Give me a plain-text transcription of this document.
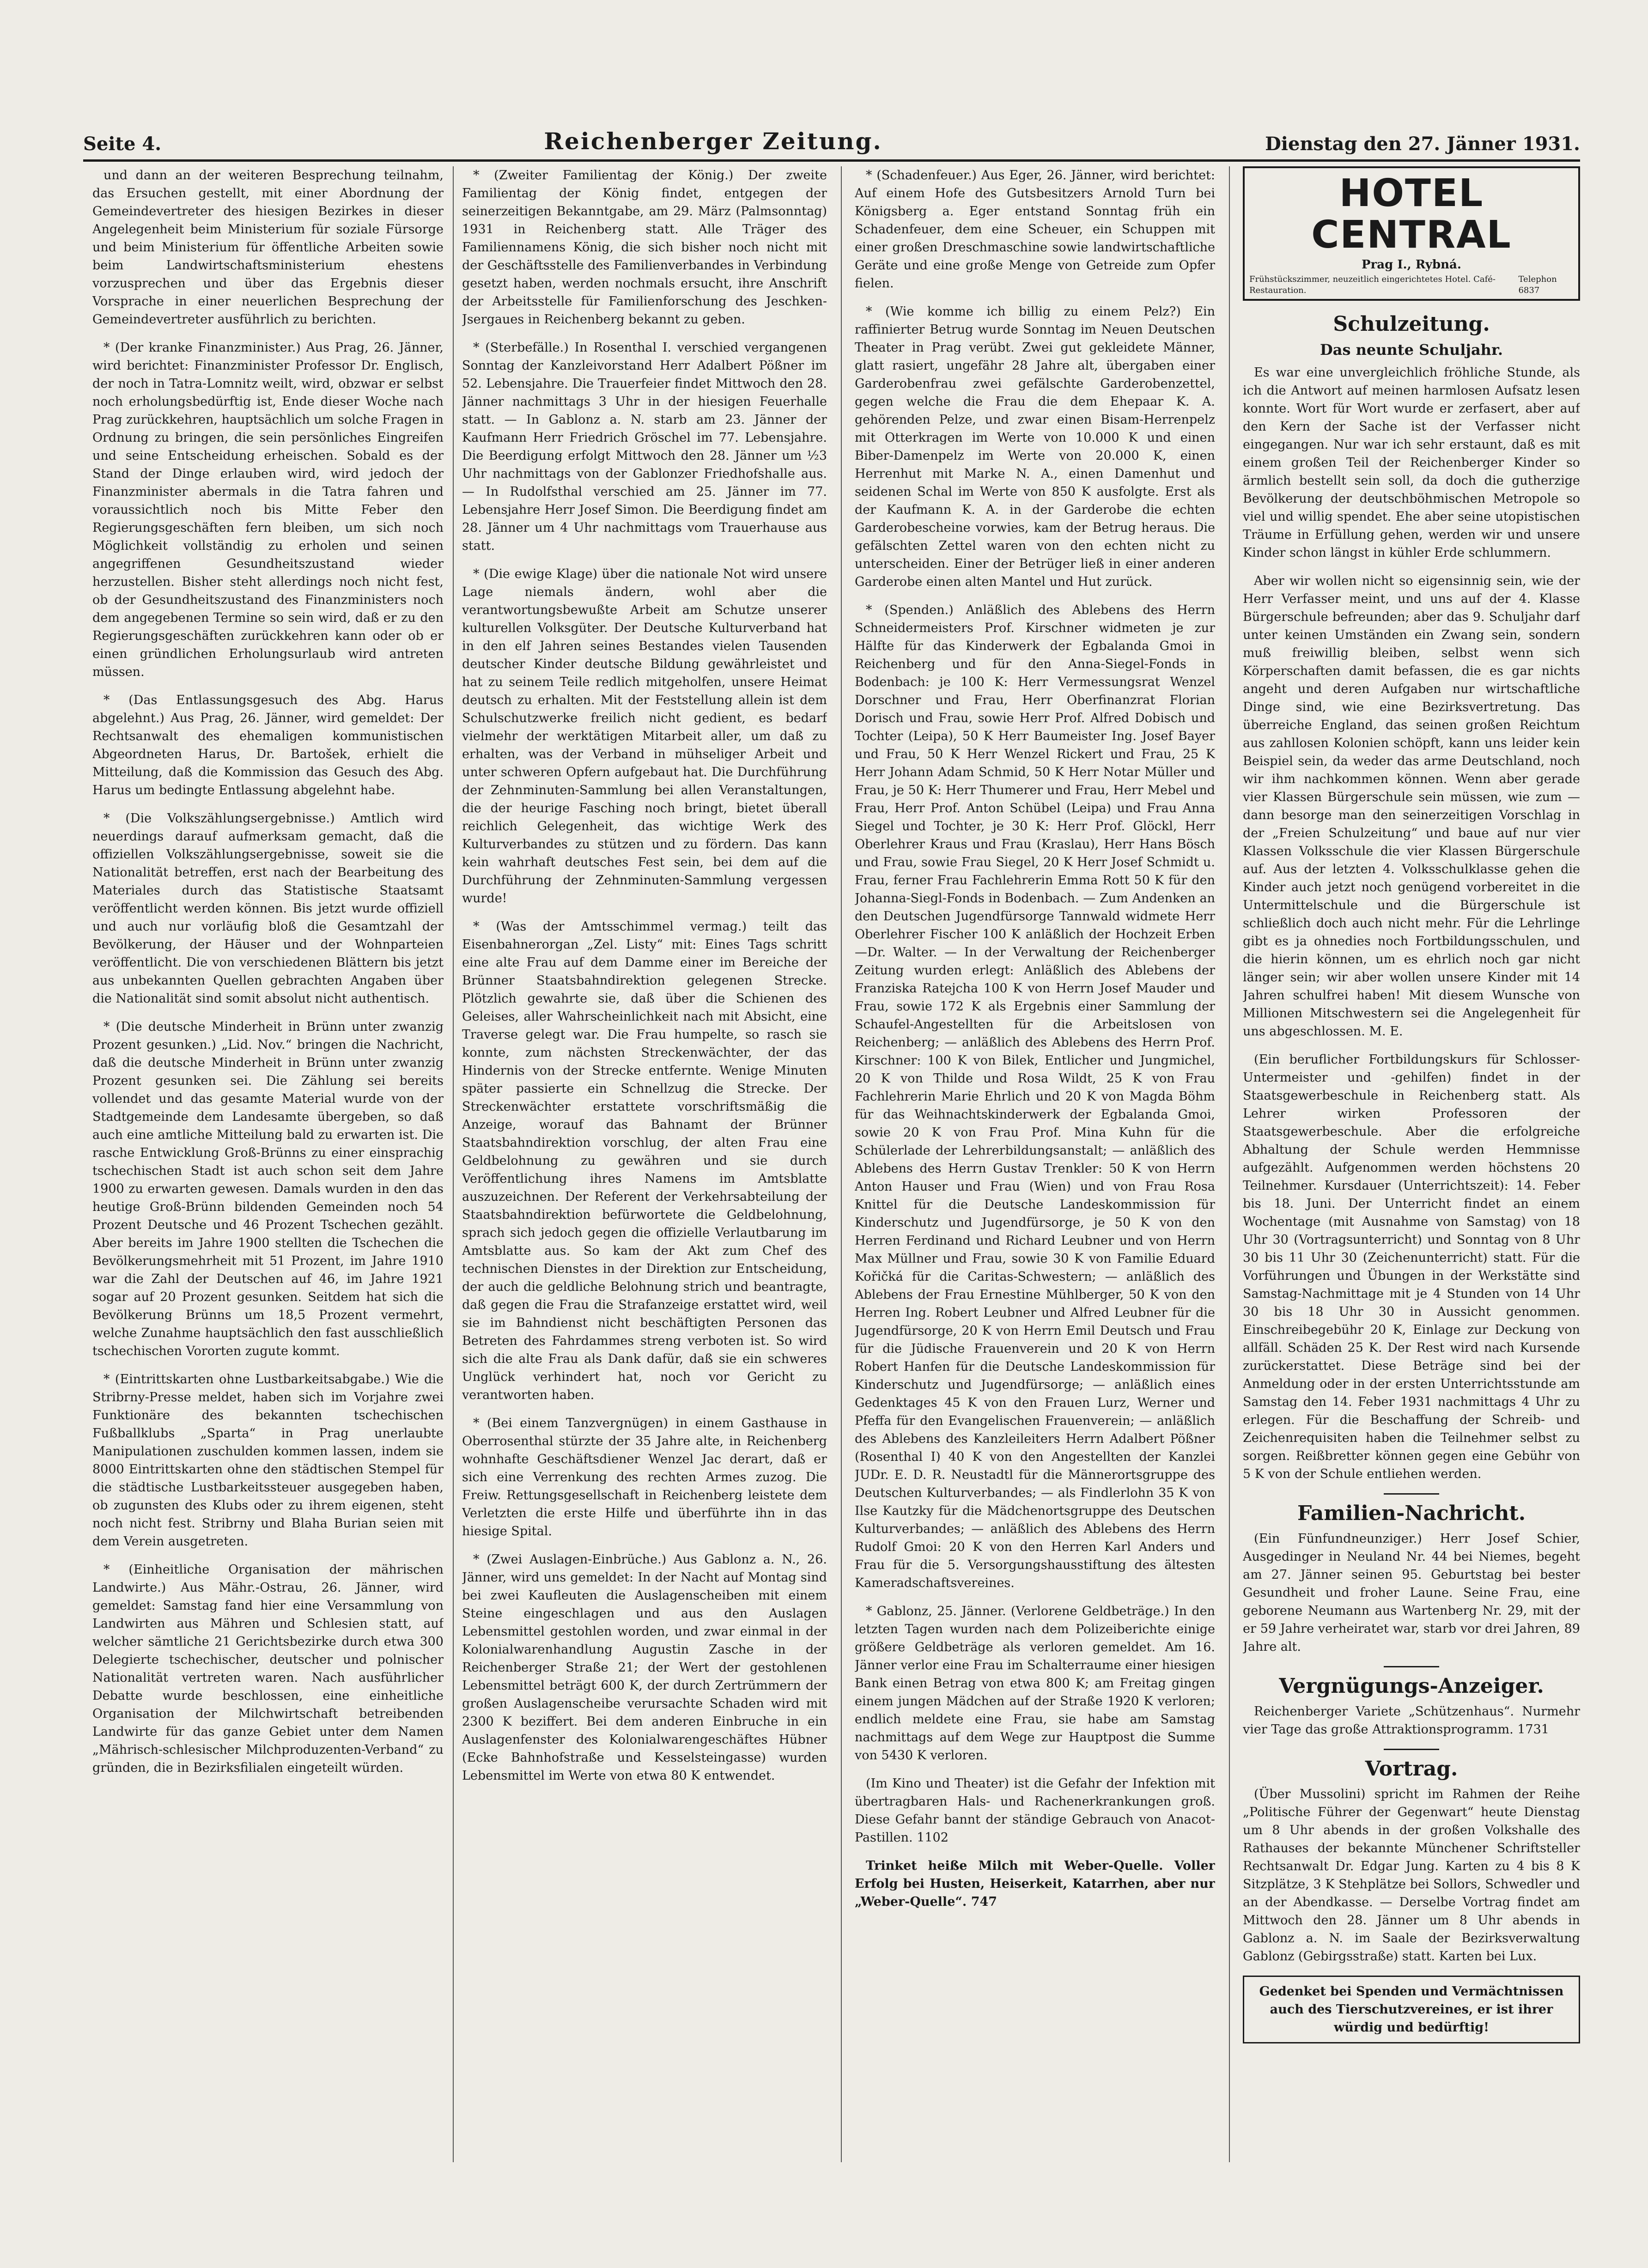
Seite 4.	Reichenberger Zeitung.	Dienstag den 27. Jänner 1931.

und dann an der weiteren Besprechung teilnahm, das Ersuchen gestellt, mit einer Abordnung der Gemeindevertreter des hiesigen Bezirkes in dieser Angelegenheit beim Ministerium für soziale Fürsorge und beim Ministerium für öffentliche Arbeiten sowie beim Landwirtschaftsministerium ehestens vorzusprechen und über das Ergebnis dieser Vorsprache in einer neuerlichen Besprechung der Gemeindevertreter ausführlich zu berichten.

* (Der kranke Finanzminister.) Aus Prag, 26. Jänner, wird berichtet: Finanzminister Professor Dr. Englisch, der noch in Tatra-Lomnitz weilt, wird, obzwar er selbst noch erholungsbedürftig ist, Ende dieser Woche nach Prag zurückkehren, hauptsächlich um solche Fragen in Ordnung zu bringen, die sein persönliches Eingreifen und seine Entscheidung erheischen. Sobald es der Stand der Dinge erlauben wird, wird jedoch der Finanzminister abermals in die Tatra fahren und voraussichtlich noch bis Mitte Feber den Regierungsgeschäften fern bleiben, um sich noch Möglichkeit vollständig zu erholen und seinen angegriffenen Gesundheitszustand wieder herzustellen. Bisher steht allerdings noch nicht fest, ob der Gesundheitszustand des Finanzministers noch dem angegebenen Termine so sein wird, daß er zu den Regierungsgeschäften zurückkehren kann oder ob er einen gründlichen Erholungsurlaub wird antreten müssen.

* (Das Entlassungsgesuch des Abg. Harus abgelehnt.) Aus Prag, 26. Jänner, wird gemeldet: Der Rechtsanwalt des ehemaligen kommunistischen Abgeordneten Harus, Dr. Bartošek, erhielt die Mitteilung, daß die Kommission das Gesuch des Abg. Harus um bedingte Entlassung abgelehnt habe.

* (Die Volkszählungsergebnisse.) Amtlich wird neuerdings darauf aufmerksam gemacht, daß die offiziellen Volkszählungsergebnisse, soweit sie die Nationalität betreffen, erst nach der Bearbeitung des Materiales durch das Statistische Staatsamt veröffentlicht werden können. Bis jetzt wurde offiziell und auch nur vorläufig bloß die Gesamtzahl der Bevölkerung, der Häuser und der Wohnparteien veröffentlicht. Die von verschiedenen Blättern bis jetzt aus unbekannten Quellen gebrachten Angaben über die Nationalität sind somit absolut nicht authentisch.

* (Die deutsche Minderheit in Brünn unter zwanzig Prozent gesunken.) „Lid. Nov.“ bringen die Nachricht, daß die deutsche Minderheit in Brünn unter zwanzig Prozent gesunken sei. Die Zählung sei bereits vollendet und das gesamte Material wurde von der Stadtgemeinde dem Landesamte übergeben, so daß auch eine amtliche Mitteilung bald zu erwarten ist. Die rasche Entwicklung Groß-Brünns zu einer einsprachig tschechischen Stadt ist auch schon seit dem Jahre 1900 zu erwarten gewesen. Damals wurden in den das heutige Groß-Brünn bildenden Gemeinden noch 54 Prozent Deutsche und 46 Prozent Tschechen gezählt. Aber bereits im Jahre 1900 stellten die Tschechen die Bevölkerungsmehrheit mit 51 Prozent, im Jahre 1910 war die Zahl der Deutschen auf 46, im Jahre 1921 sogar auf 20 Prozent gesunken. Seitdem hat sich die Bevölkerung Brünns um 18,5 Prozent vermehrt, welche Zunahme hauptsächlich den fast ausschließlich tschechischen Vororten zugute kommt.

* (Eintrittskarten ohne Lustbarkeitsabgabe.) Wie die Stribrny-Presse meldet, haben sich im Vorjahre zwei Funktionäre des bekannten tschechischen Fußballklubs „Sparta“ in Prag unerlaubte Manipulationen zuschulden kommen lassen, indem sie 8000 Eintrittskarten ohne den städtischen Stempel für die städtische Lustbarkeitssteuer ausgegeben haben, ob zugunsten des Klubs oder zu ihrem eigenen, steht noch nicht fest. Stribrny und Blaha Burian seien mit dem Verein ausgetreten.

* (Einheitliche Organisation der mährischen Landwirte.) Aus Mähr.-Ostrau, 26. Jänner, wird gemeldet: Samstag fand hier eine Versammlung von Landwirten aus Mähren und Schlesien statt, auf welcher sämtliche 21 Gerichtsbezirke durch etwa 300 Delegierte tschechischer, deutscher und polnischer Nationalität vertreten waren. Nach ausführlicher Debatte wurde beschlossen, eine einheitliche Organisation der Milchwirtschaft betreibenden Landwirte für das ganze Gebiet unter dem Namen „Mährisch-schlesischer Milchproduzenten-Verband“ zu gründen, die in Bezirksfilialen eingeteilt würden.

* (Zweiter Familientag der König.) Der zweite Familientag der König findet, entgegen der seinerzeitigen Bekanntgabe, am 29. März (Palmsonntag) 1931 in Reichenberg statt. Alle Träger des Familiennamens König, die sich bisher noch nicht mit der Geschäftsstelle des Familienverbandes in Verbindung gesetzt haben, werden nochmals ersucht, ihre Anschrift der Arbeitsstelle für Familienforschung des Jeschken-Jsergaues in Reichenberg bekannt zu geben.

* (Sterbefälle.) In Rosenthal I. verschied vergangenen Sonntag der Kanzleivorstand Herr Adalbert Pößner im 52. Lebensjahre. Die Trauerfeier findet Mittwoch den 28. Jänner nachmittags 3 Uhr in der hiesigen Feuerhalle statt. — In Gablonz a. N. starb am 23. Jänner der Kaufmann Herr Friedrich Gröschel im 77. Lebensjahre. Die Beerdigung erfolgt Mittwoch den 28. Jänner um ½3 Uhr nachmittags von der Gablonzer Friedhofshalle aus. — In Rudolfsthal verschied am 25. Jänner im 77. Lebensjahre Herr Josef Simon. Die Beerdigung findet am 28. Jänner um 4 Uhr nachmittags vom Trauerhause aus statt.

* (Die ewige Klage) über die nationale Not wird unsere Lage niemals ändern, wohl aber die verantwortungsbewußte Arbeit am Schutze unserer kulturellen Volksgüter. Der Deutsche Kulturverband hat in den elf Jahren seines Bestandes vielen Tausenden deutscher Kinder deutsche Bildung gewährleistet und hat zu seinem Teile redlich mitgeholfen, unsere Heimat deutsch zu erhalten. Mit der Feststellung allein ist dem Schulschutzwerke freilich nicht gedient, es bedarf vielmehr der werktätigen Mitarbeit aller, um daß zu erhalten, was der Verband in mühseliger Arbeit und unter schweren Opfern aufgebaut hat. Die Durchführung der Zehnminuten-Sammlung bei allen Veranstaltungen, die der heurige Fasching noch bringt, bietet überall reichlich Gelegenheit, das wichtige Werk des Kulturverbandes zu stützen und zu fördern. Das kann kein wahrhaft deutsches Fest sein, bei dem auf die Durchführung der Zehnminuten-Sammlung vergessen wurde!

* (Was der Amtsschimmel vermag.) teilt das Eisenbahnerorgan „Zel. Listy“ mit: Eines Tags schritt eine alte Frau auf dem Damme einer im Bereiche der Brünner Staatsbahndirektion gelegenen Strecke. Plötzlich gewahrte sie, daß über die Schienen des Geleises, aller Wahrscheinlichkeit nach mit Absicht, eine Traverse gelegt war. Die Frau humpelte, so rasch sie konnte, zum nächsten Streckenwächter, der das Hindernis von der Strecke entfernte. Wenige Minuten später passierte ein Schnellzug die Strecke. Der Streckenwächter erstattete vorschriftsmäßig die Anzeige, worauf das Bahnamt der Brünner Staatsbahndirektion vorschlug, der alten Frau eine Geldbelohnung zu gewähren und sie durch Veröffentlichung ihres Namens im Amtsblatte auszuzeichnen. Der Referent der Verkehrsabteilung der Staatsbahndirektion befürwortete die Geldbelohnung, sprach sich jedoch gegen die offizielle Verlautbarung im Amtsblatte aus. So kam der Akt zum Chef des technischen Dienstes in der Direktion zur Entscheidung, der auch die geldliche Belohnung strich und beantragte, daß gegen die Frau die Strafanzeige erstattet wird, weil sie im Bahndienst nicht beschäftigten Personen das Betreten des Fahrdammes streng verboten ist. So wird sich die alte Frau als Dank dafür, daß sie ein schweres Unglück verhindert hat, noch vor Gericht zu verantworten haben.

* (Bei einem Tanzvergnügen) in einem Gasthause in Oberrosenthal stürzte der 35 Jahre alte, in Reichenberg wohnhafte Geschäftsdiener Wenzel Jac derart, daß er sich eine Verrenkung des rechten Armes zuzog. Die Freiw. Rettungsgesellschaft in Reichenberg leistete dem Verletzten die erste Hilfe und überführte ihn in das hiesige Spital.

* (Zwei Auslagen-Einbrüche.) Aus Gablonz a. N., 26. Jänner, wird uns gemeldet: In der Nacht auf Montag sind bei zwei Kaufleuten die Auslagenscheiben mit einem Steine eingeschlagen und aus den Auslagen Lebensmittel gestohlen worden, und zwar einmal in der Kolonialwarenhandlung Augustin Zasche in der Reichenberger Straße 21; der Wert der gestohlenen Lebensmittel beträgt 600 K, der durch Zertrümmern der großen Auslagenscheibe verursachte Schaden wird mit 2300 K beziffert. Bei dem anderen Einbruche in ein Auslagenfenster des Kolonialwarengeschäftes Hübner (Ecke Bahnhofstraße und Kesselsteingasse) wurden Lebensmittel im Werte von etwa 80 K entwendet.

* (Schadenfeuer.) Aus Eger, 26. Jänner, wird berichtet: Auf einem Hofe des Gutsbesitzers Arnold Turn bei Königsberg a. Eger entstand Sonntag früh ein Schadenfeuer, dem eine Scheuer, ein Schuppen mit einer großen Dreschmaschine sowie landwirtschaftliche Geräte und eine große Menge von Getreide zum Opfer fielen.

* (Wie komme ich billig zu einem Pelz?) Ein raffinierter Betrug wurde Sonntag im Neuen Deutschen Theater in Prag verübt. Zwei gut gekleidete Männer, glatt rasiert, ungefähr 28 Jahre alt, übergaben einer Garderobenfrau zwei gefälschte Garderobenzettel, gegen welche die Frau die dem Ehepaar K. A. gehörenden Pelze, und zwar einen Bisam-Herrenpelz mit Otterkragen im Werte von 10.000 K und einen Biber-Damenpelz im Werte von 20.000 K, einen Herrenhut mit Marke N. A., einen Damenhut und seidenen Schal im Werte von 850 K ausfolgte. Erst als der Kaufmann K. A. in der Garderobe die echten Garderobescheine vorwies, kam der Betrug heraus. Die gefälschten Zettel waren von den echten nicht zu unterscheiden. Einer der Betrüger ließ in einer anderen Garderobe einen alten Mantel und Hut zurück.

* (Spenden.) Anläßlich des Ablebens des Herrn Schneidermeisters Prof. Kirschner widmeten je zur Hälfte für das Kinderwerk der Egbalanda Gmoi in Reichenberg und für den Anna-Siegel-Fonds in Bodenbach: je 100 K: Herr Vermessungsrat Wenzel Dorschner und Frau, Herr Oberfinanzrat Florian Dorisch und Frau, sowie Herr Prof. Alfred Dobisch und Tochter (Leipa), 50 K Herr Baumeister Ing. Josef Bayer und Frau, 50 K Herr Wenzel Rickert und Frau, 25 K Herr Johann Adam Schmid, 50 K Herr Notar Müller und Frau, je 50 K: Herr Thumerer und Frau, Herr Mebel und Frau, Herr Prof. Anton Schübel (Leipa) und Frau Anna Siegel und Tochter, je 30 K: Herr Prof. Glöckl, Herr Oberlehrer Kraus und Frau (Kraslau), Herr Hans Bösch und Frau, sowie Frau Siegel, 20 K Herr Josef Schmidt u. Frau, ferner Frau Fachlehrerin Emma Rott 50 K für den Johanna-Siegl-Fonds in Bodenbach. — Zum Andenken an den Deutschen Jugendfürsorge Tannwald widmete Herr Oberlehrer Fischer 100 K anläßlich der Hochzeit Erben—Dr. Walter. — In der Verwaltung der Reichenberger Zeitung wurden erlegt: Anläßlich des Ablebens der Franziska Ratejcha 100 K von Herrn Josef Mauder und Frau, sowie 172 K als Ergebnis einer Sammlung der Schaufel-Angestellten für die Arbeitslosen von Reichenberg; — anläßlich des Ablebens des Herrn Prof. Kirschner: 100 K von Bilek, Entlicher und Jungmichel, 20 K von Thilde und Rosa Wildt, 25 K von Frau Fachlehrerin Marie Ehrlich und 20 K von Magda Böhm für das Weihnachtskinderwerk der Egbalanda Gmoi, sowie 20 K von Frau Prof. Mina Kuhn für die Schülerlade der Lehrerbildungsanstalt; — anläßlich des Ablebens des Herrn Gustav Trenkler: 50 K von Herrn Anton Hauser und Frau (Wien) und von Frau Rosa Knittel für die Deutsche Landeskommission für Kinderschutz und Jugendfürsorge, je 50 K von den Herren Ferdinand und Richard Leubner und von Herrn Max Müllner und Frau, sowie 30 K von Familie Eduard Kořičká für die Caritas-Schwestern; — anläßlich des Ablebens der Frau Ernestine Mühlberger, 50 K von den Herren Ing. Robert Leubner und Alfred Leubner für die Jugendfürsorge, 20 K von Herrn Emil Deutsch und Frau für die Jüdische Frauenverein und 20 K von Herrn Robert Hanfen für die Deutsche Landeskommission für Kinderschutz und Jugendfürsorge; — anläßlich eines Gedenktages 45 K von den Frauen Lurz, Werner und Pfeffa für den Evangelischen Frauenverein; — anläßlich des Ablebens des Kanzleileiters Herrn Adalbert Pößner (Rosenthal I) 40 K von den Angestellten der Kanzlei JUDr. E. D. R. Neustadtl für die Männerortsgruppe des Deutschen Kulturverbandes; — als Findlerlohn 35 K von Ilse Kautzky für die Mädchenortsgruppe des Deutschen Kulturverbandes; — anläßlich des Ablebens des Herrn Rudolf Gmoi: 20 K von den Herren Karl Anders und Frau für die 5. Versorgungshausstiftung des ältesten Kameradschaftsvereines.

* Gablonz, 25. Jänner. (Verlorene Geldbeträge.) In den letzten Tagen wurden nach dem Polizeiberichte einige größere Geldbeträge als verloren gemeldet. Am 16. Jänner verlor eine Frau im Schalterraume einer hiesigen Bank einen Betrag von etwa 800 K; am Freitag gingen einem jungen Mädchen auf der Straße 1920 K verloren; endlich meldete eine Frau, sie habe am Samstag nachmittags auf dem Wege zur Hauptpost die Summe von 5430 K verloren.

(Im Kino und Theater) ist die Gefahr der Infektion mit übertragbaren Hals- und Rachenerkrankungen groß. Diese Gefahr bannt der ständige Gebrauch von Anacot-Pastillen. 1102

Trinket heiße Milch mit Weber-Quelle. Voller Erfolg bei Husten, Heiserkeit, Katarrhen, aber nur „Weber-Quelle“. 747

HOTEL CENTRAL
Prag I., Rybná.
Frühstückszimmer, neuzeitlich eingerichtetes Hotel. Café-Restauration.
Telephon 6837
Schulzeitung.
Das neunte Schuljahr.

Es war eine unvergleichlich fröhliche Stunde, als ich die Antwort auf meinen harmlosen Aufsatz lesen konnte. Wort für Wort wurde er zerfasert, aber auf den Kern der Sache ist der Verfasser nicht eingegangen. Nur war ich sehr erstaunt, daß es mit einem großen Teil der Reichenberger Kinder so ärmlich bestellt sein soll, da doch die gutherzige Bevölkerung der deutschböhmischen Metropole so viel und willig spendet. Ehe aber seine utopistischen Träume in Erfüllung gehen, werden wir und unsere Kinder schon längst in kühler Erde schlummern.

Aber wir wollen nicht so eigensinnig sein, wie der Herr Verfasser meint, und uns auf der 4. Klasse Bürgerschule befreunden; aber das 9. Schuljahr darf unter keinen Umständen ein Zwang sein, sondern muß freiwillig bleiben, selbst wenn sich Körperschaften damit befassen, die es gar nichts angeht und deren Aufgaben nur wirtschaftliche Dinge sind, wie eine Bezirksvertretung. Das überreiche England, das seinen großen Reichtum aus zahllosen Kolonien schöpft, kann uns leider kein Beispiel sein, da weder das arme Deutschland, noch wir ihm nachkommen können. Wenn aber gerade vier Klassen Bürgerschule sein müssen, wie zum — dann besorge man den seinerzeitigen Vorschlag in der „Freien Schulzeitung“ und baue auf nur vier Klassen Volksschule die vier Klassen Bürgerschule auf. Aus der letzten 4. Volksschulklasse gehen die Kinder auch jetzt noch genügend vorbereitet in die Untermittelschule und die Bürgerschule ist schließlich doch auch nicht mehr. Für die Lehrlinge gibt es ja ohnedies noch Fortbildungsschulen, und die hierin können, um es ehrlich noch gar nicht länger sein; wir aber wollen unsere Kinder mit 14 Jahren schulfrei haben! Mit diesem Wunsche von Millionen Mitschwestern sei die Angelegenheit für uns abgeschlossen. M. E.

(Ein beruflicher Fortbildungskurs für Schlosser-Untermeister und -gehilfen) findet in der Staatsgewerbeschule in Reichenberg statt. Als Lehrer wirken Professoren der Staatsgewerbeschule. Aber die erfolgreiche Abhaltung der Schule werden Hemmnisse aufgezählt. Aufgenommen werden höchstens 20 Teilnehmer. Kursdauer (Unterrichtszeit): 14. Feber bis 18. Juni. Der Unterricht findet an einem Wochentage (mit Ausnahme von Samstag) von 18 Uhr 30 (Vortragsunterricht) und Sonntag von 8 Uhr 30 bis 11 Uhr 30 (Zeichenunterricht) statt. Für die Vorführungen und Übungen in der Werkstätte sind Samstag-Nachmittage mit je 4 Stunden von 14 Uhr 30 bis 18 Uhr 30 in Aussicht genommen. Einschreibegebühr 20 K, Einlage zur Deckung von allfäll. Schäden 25 K. Der Rest wird nach Kursende zurückerstattet. Diese Beträge sind bei der Anmeldung oder in der ersten Unterrichtsstunde am Samstag den 14. Feber 1931 nachmittags 4 Uhr zu erlegen. Für die Beschaffung der Schreib- und Zeichenrequisiten haben die Teilnehmer selbst zu sorgen. Reißbretter können gegen eine Gebühr von 5 K von der Schule entliehen werden.

Familien-Nachricht.

(Ein Fünfundneunziger.) Herr Josef Schier, Ausgedinger in Neuland Nr. 44 bei Niemes, begeht am 27. Jänner seinen 95. Geburtstag bei bester Gesundheit und froher Laune. Seine Frau, eine geborene Neumann aus Wartenberg Nr. 29, mit der er 59 Jahre verheiratet war, starb vor drei Jahren, 89 Jahre alt.

Vergnügungs-Anzeiger.

Reichenberger Variete „Schützenhaus“. Nurmehr vier Tage das große Attraktionsprogramm. 1731

Vortrag.

(Über Mussolini) spricht im Rahmen der Reihe „Politische Führer der Gegenwart“ heute Dienstag um 8 Uhr abends in der großen Volkshalle des Rathauses der bekannte Münchener Schriftsteller Rechtsanwalt Dr. Edgar Jung. Karten zu 4 bis 8 K Sitzplätze, 3 K Stehplätze bei Sollors, Schwedler und an der Abendkasse. — Derselbe Vortrag findet am Mittwoch den 28. Jänner um 8 Uhr abends in Gablonz a. N. im Saale der Bezirksverwaltung Gablonz (Gebirgsstraße) statt. Karten bei Lux.

Gedenket bei Spenden und Vermächtnissen auch des Tierschutzvereines, er ist ihrer würdig und bedürftig!
